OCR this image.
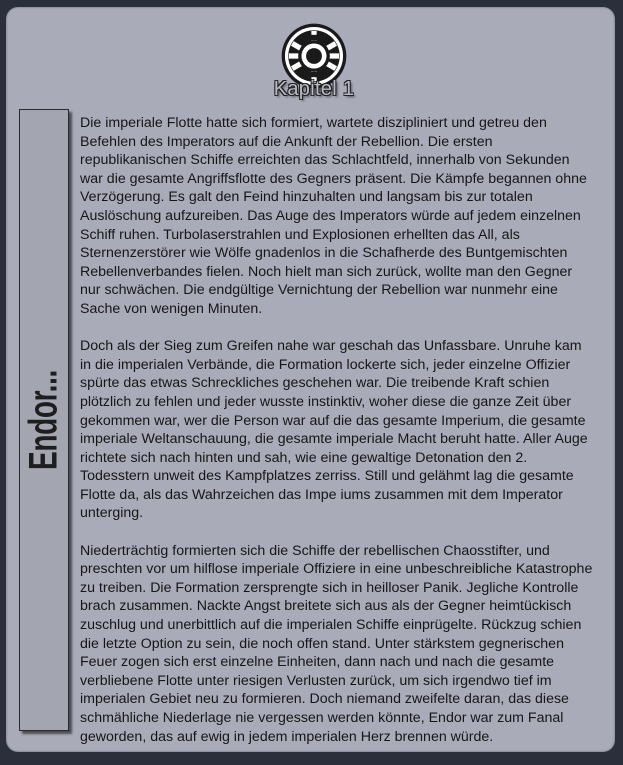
Kapitel 1
Endor...

Die imperiale Flotte hatte sich formiert, wartete diszipliniert und getreu den Befehlen des Imperators auf die Ankunft der Rebellion. Die ersten republikanischen Schiffe erreichten das Schlachtfeld, innerhalb von Sekunden war die gesamte Angriffsflotte des Gegners präsent. Die Kämpfe begannen ohne Verzögerung. Es galt den Feind hinzuhalten und langsam bis zur totalen Auslöschung aufzureiben. Das Auge des Imperators würde auf jedem einzelnen Schiff ruhen. Turbolaserstrahlen und Explosionen erhellten das All, als Sternenzerstörer wie Wölfe gnadenlos in die Schafherde des Buntgemischten Rebellenverbandes fielen. Noch hielt man sich zurück, wollte man den Gegner nur schwächen. Die endgültige Vernichtung der Rebellion war nunmehr eine Sache von wenigen Minuten.

Doch als der Sieg zum Greifen nahe war geschah das Unfassbare. Unruhe kam in die imperialen Verbände, die Formation lockerte sich, jeder einzelne Offizier spürte das etwas Schreckliches geschehen war. Die treibende Kraft schien plötzlich zu fehlen und jeder wusste instinktiv, woher diese die ganze Zeit über gekommen war, wer die Person war auf die das gesamte Imperium, die gesamte imperiale Weltanschauung, die gesamte imperiale Macht beruht hatte. Aller Auge richtete sich nach hinten und sah, wie eine gewaltige Detonation den 2. Todesstern unweit des Kampfplatzes zerriss. Still und gelähmt lag die gesamte Flotte da, als das Wahrzeichen das Impe iums zusammen mit dem Imperator unterging.

Niederträchtig formierten sich die Schiffe der rebellischen Chaosstifter, und preschten vor um hilflose imperiale Offiziere in eine unbeschreibliche Katastrophe zu treiben. Die Formation zersprengte sich in heilloser Panik. Jegliche Kontrolle brach zusammen. Nackte Angst breitete sich aus als der Gegner heimtückisch zuschlug und unerbittlich auf die imperialen Schiffe einprügelte. Rückzug schien die letzte Option zu sein, die noch offen stand. Unter stärkstem gegnerischen Feuer zogen sich erst einzelne Einheiten, dann nach und nach die gesamte verbliebene Flotte unter riesigen Verlusten zurück, um sich irgendwo tief im imperialen Gebiet neu zu formieren. Doch niemand zweifelte daran, das diese schmähliche Niederlage nie vergessen werden könnte, Endor war zum Fanal geworden, das auf ewig in jedem imperialen Herz brennen würde.
